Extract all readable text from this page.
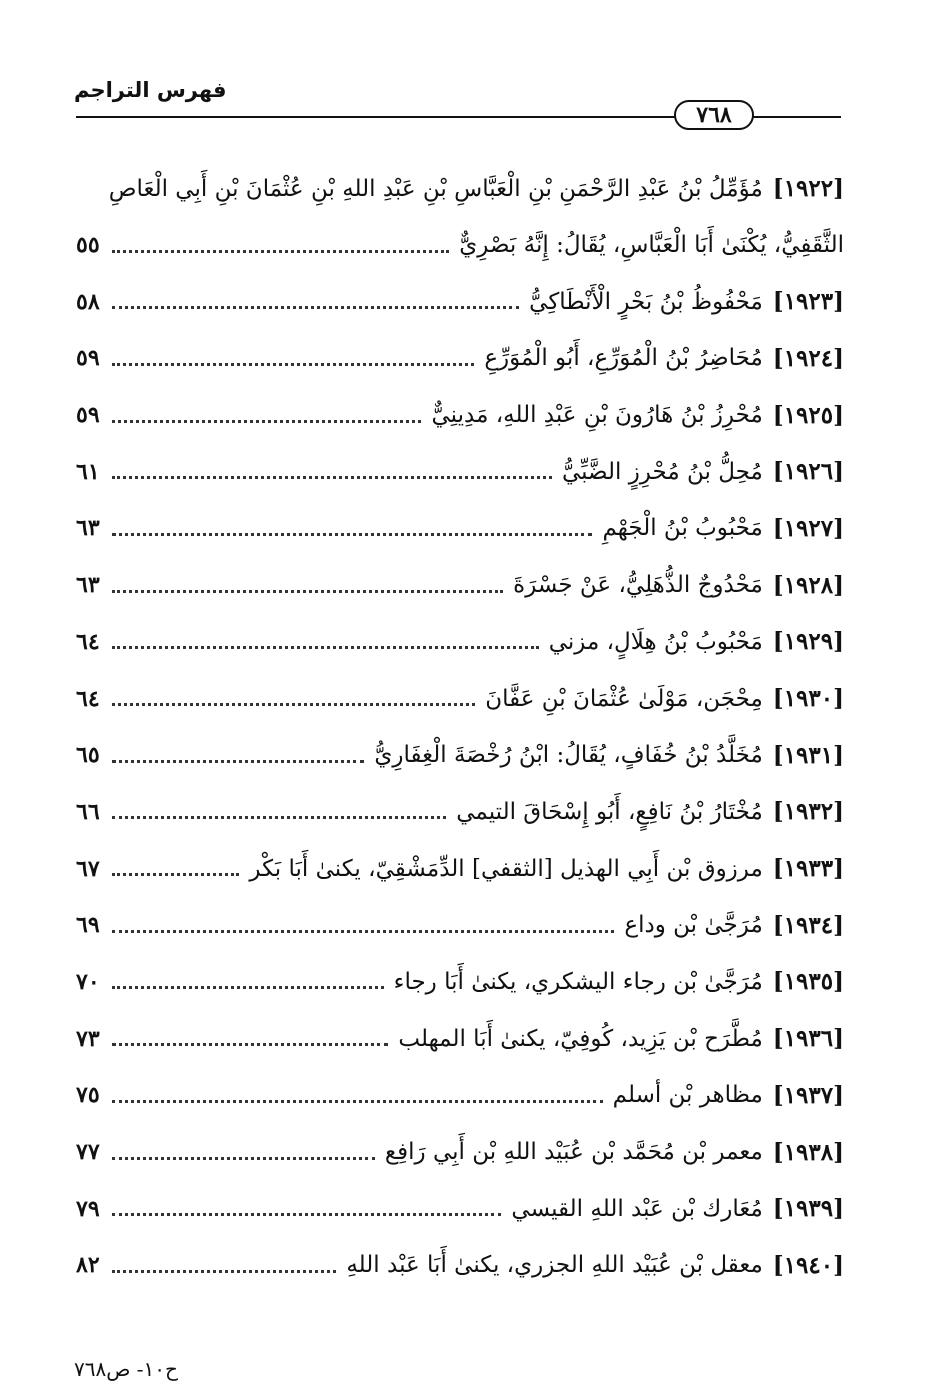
فهرس التراجم
٧٦٨
[١٩٢٢]مُؤَمِّلُ بْنُ عَبْدِ الرَّحْمَنِ بْنِ الْعَبَّاسِ بْنِ عَبْدِ اللهِ بْنِ عُثْمَانَ بْنِ أَبِي الْعَاصِ
الثَّقَفِيُّ، يُكْنَىٰ أَبَا الْعَبَّاسِ، يُقَالُ: إِنَّهُ بَصْرِيٌّ
٥٥
[١٩٢٣]
مَحْفُوظُ بْنُ بَحْرٍ الْأَنْطَاكِيُّ
٥٨
[١٩٢٤]
مُحَاضِرُ بْنُ الْمُوَرِّعِ، أَبُو الْمُوَرِّعِ
٥٩
[١٩٢٥]
مُحْرِزُ بْنُ هَارُونَ بْنِ عَبْدِ اللهِ، مَدِينِيٌّ
٥٩
[١٩٢٦]
مُحِلُّ بْنُ مُحْرِزٍ الضَّبِّيُّ
٦١
[١٩٢٧]
مَحْبُوبُ بْنُ الْجَهْمِ
٦٣
[١٩٢٨]
مَحْدُوجٌ الذُّهَلِيُّ، عَنْ جَسْرَةَ
٦٣
[١٩٢٩]
مَحْبُوبُ بْنُ هِلَالٍ، مزني
٦٤
[١٩٣٠]
مِحْجَن، مَوْلَىٰ عُثْمَانَ بْنِ عَفَّانَ
٦٤
[١٩٣١]
مُخَلَّدُ بْنُ خُفَافٍ، يُقَالُ: ابْنُ رُخْصَةَ الْغِفَارِيُّ
٦٥
[١٩٣٢]
مُخْتَارُ بْنُ نَافِعٍ، أَبُو إِسْحَاقَ التيمي
٦٦
[١٩٣٣]
مرزوق بْن أَبِي الهذيل [الثقفي] الدِّمَشْقِيّ، يكنىٰ أَبَا بَكْر
٦٧
[١٩٣٤]
مُرَجَّىٰ بْن وداع
٦٩
[١٩٣٥]
مُرَجَّىٰ بْن رجاء اليشكري، يكنىٰ أَبَا رجاء
٧٠
[١٩٣٦]
مُطَّرَح بْن يَزِيد، كُوفِيّ، يكنىٰ أَبَا المهلب
٧٣
[١٩٣٧]
مظاهر بْن أسلم
٧٥
[١٩٣٨]
معمر بْن مُحَمَّد بْن عُبَيْد اللهِ بْن أَبِي رَافِع
٧٧
[١٩٣٩]
مُعَارك بْن عَبْد اللهِ القيسي
٧٩
[١٩٤٠]
معقل بْن عُبَيْد اللهِ الجزري، يكنىٰ أَبَا عَبْد اللهِ
٨٢
ح١٠- ص٧٦٨
